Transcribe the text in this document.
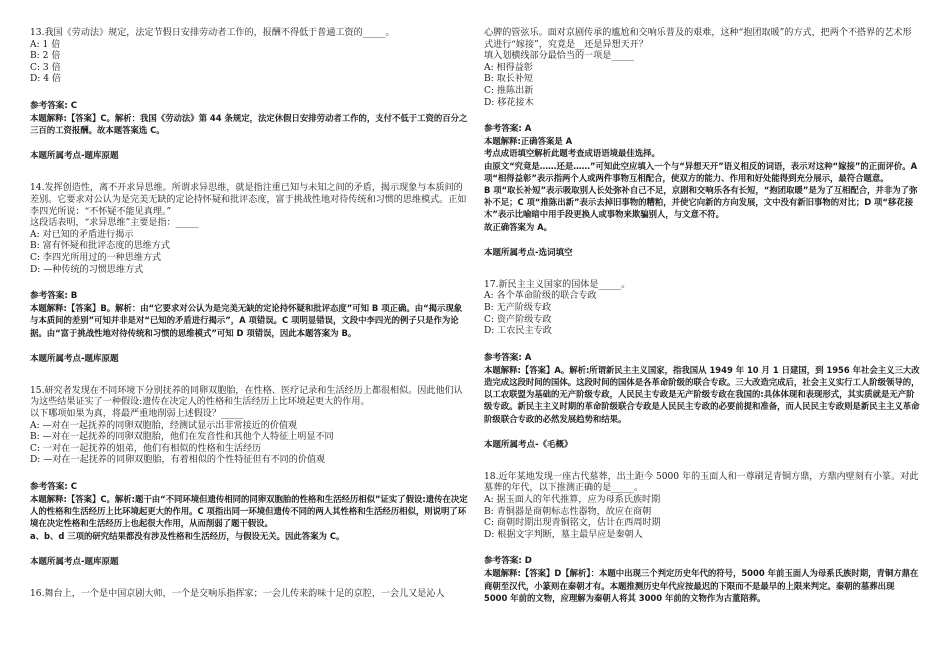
13.我国《劳动法》规定，法定节假日安排劳动者工作的，报酬不得低于普通工资的_____。

A: 1 倍

B: 2 倍

C: 3 倍

D: 4 倍

参考答案: C

本题解释:【答案】C。解析：我国《劳动法》第 44 条规定，法定休假日安排劳动者工作的，支付不低于工资的百分之三百的工资报酬。故本题答案选 C。

本题所属考点-题库原题

14.发挥创造性，离不开求异思维。所谓求异思维，就是指注重已知与未知之间的矛盾，揭示现象与本质间的差别。它要求对公认为是完美无缺的定论持怀疑和批评态度，富于挑战性地对待传统和习惯的思维模式。正如李四光所说：“不怀疑不能见真理。”

这段话表明，“求异思维”主要是指：_____

A: 对已知的矛盾进行揭示

B: 富有怀疑和批评态度的思维方式

C: 李四光所用过的一种思维方式

D: —种传统的习惯思维方式

参考答案: B

本题解释:【答案】B。解析：由“它要求对公认为是完美无缺的定论持怀疑和批评态度”可知 B 项正确。由“揭示现象与本质间的差别”可知并非是对“已知的矛盾进行揭示”，A 项错误。C 项明显错误，文段中李四光的例子只是作为论据。由“富于挑战性地对待传统和习惯的思维模式”可知 D 项错误，因此本题答案为 B。

本题所属考点-题库原题

15.研究者发现在不同环境下分别抚养的同卵双胞胎，在性格、医疗记录和生活经历上都很相似。因此他们认为这些结果证实了一种假设:遗传在决定人的性格和生活经历上比环境起更大的作用。

以下哪项如果为真，将最严重地削弱上述假设？_____

A: —对在一起抚养的同卵双胞胎，经测试显示出非常接近的价值观

B: —对在一起抚养的同卵双胞胎，他们在发音性和其他个人特征上明显不同

C: 一对在一起抚养的姐弟，他们有相似的性格和生活经历

D: —对在一起抚养的同卵双胞胎，有着相似的个性特征但有不同的价值观

参考答案: C

本题解释:【答案】C。解析:题干由“不同环境但遗传相同的同卵双胞胎的性格和生活经历相似”证实了假设:遗传在决定人的性格和生活经历上比环境起更大的作用。C 项指出同一环境但遗传不同的两人其性格和生活经历相似，则说明了环境在决定性格和生活经历上也起很大作用，从而削弱了题干假设。

a、b、d 三项的研究结果都没有涉及性格和生活经历，与假设无关。因此答案为 C。

本题所属考点-题库原题

16.舞台上，一个是中国京剧大师，一个是交响乐指挥家；一会儿传来韵味十足的京腔，一会儿又是沁人

心脾的管弦乐。面对京剧传承的尴尬和交响乐普及的艰难，这种“抱团取暖”的方式，把两个不搭界的艺术形式进行“嫁接”，究竟是__还是异想天开？

填入划横线部分最恰当的一项是_____

A: 相得益彰

B: 取长补短

C: 推陈出新

D: 移花接木

参考答案: A

本题解释:正确答案是 A

考点成语填空解析此题考查成语语境最佳选择。

由原文“究竟是……还是……”可知此空应填入一个与“异想天开”语义相反的词语，表示对这种“嫁接”的正面评价。A 项“相得益彰”表示指两个人或两件事物互相配合，使双方的能力、作用和好处能得到充分展示，最符合题意。

B 项“取长补短”表示吸取别人长处弥补自己不足，京剧和交响乐各有长短，“抱团取暖”是为了互相配合，并非为了弥补不足；C 项“推陈出新”表示去掉旧事物的糟粕，并使它向新的方向发展，文中没有新旧事物的对比；D 项“移花接木”表示比喻暗中用手段更换人或事物来欺骗别人，与文意不符。

故正确答案为 A。

本题所属考点-选词填空

17.新民主主义国家的国体是_____。

A: 各个革命阶级的联合专政

B: 无产阶级专政

C: 资产阶级专政

D: 工农民主专政

参考答案: A

本题解释:【答案】A。解析:所谓新民主主义国家，指我国从 1949 年 10 月 1 日建国，到 1956 年社会主义三大改造完成这段时间的国体。这段时间的国体是各革命阶级的联合专政。三大改造完成后，社会主义实行工人阶级领导的，以工农联盟为基础的无产阶级专政，人民民主专政是无产阶级专政在我国的:具体体现和表现形式，其实质就是无产阶级专政。新民主主义时期的革命阶级联合专政是人民民主专政的必要前提和准备，而人民民主专政则是新民主主义革命阶级联合专政的必然发展趋势和结果。

本题所属考点-《毛概》

18.近年某地发现一座古代墓葬，出土距今 5000 年的玉面人和一尊刷足青铜方鼎，方鼎内壁刻有小篆。对此墓葬的年代，以下推测正确的是_____。

A: 据玉面人的年代推算，应为母系氏族时期

B: 青铜器是商朝标志性器物，故应在商朝

C: 商朝时期出现青铜铭文，估计在西周时期

D: 根据文字判断，墓主最早应是秦朝人

参考答案: D

本题解释:【答案】D【解析】：本题中出现三个判定历史年代的符号，5000 年前玉面人为母系氏族时期，青铜方鼎在商朝至汉代，小篆则在秦朝才有。本题推测历史年代应按最迟的下限而不是最早的上限来判定。秦朝的墓葬出现 5000 年前的文物，应理解为秦朝人将其 3000 年前的文物作为古董陪葬。
